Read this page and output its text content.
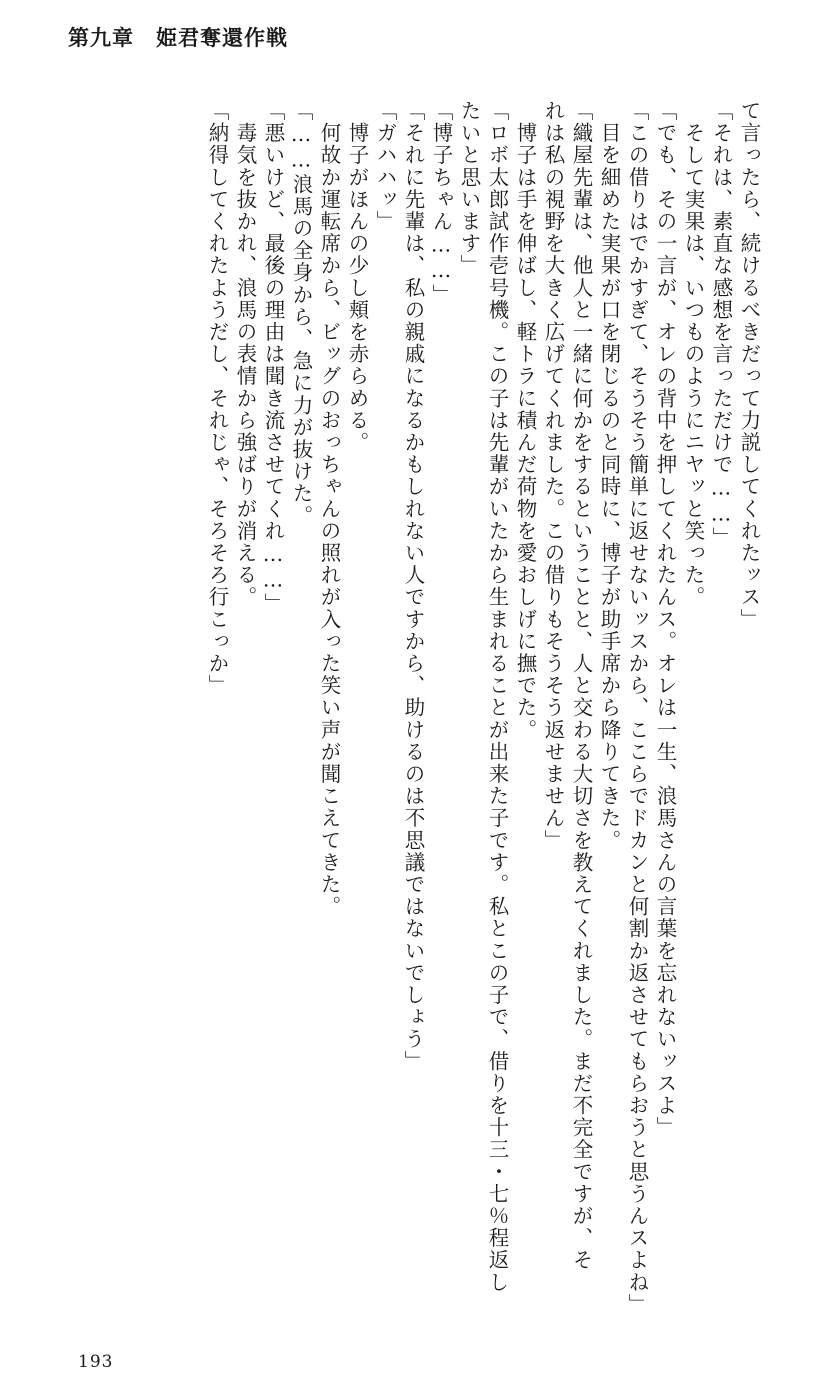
第九章 姫君奪還作戦
て言ったら、続けるべきだって力説してくれたッス」
「それは、素直な感想を言っただけで……」
　そして実果は、いつものようにニヤッと笑った。
「でも、その一言が、オレの背中を押してくれたんス。オレは一生、浪馬さんの言葉を忘れないッスよ」
「この借りはでかすぎて、そうそう簡単に返せないッスから、ここらでドカンと何割か返させてもらおうと思うんスよね」
　目を細めた実果が口を閉じるのと同時に、博子が助手席から降りてきた。
「織屋先輩は、他人と一緒に何かをするということと、人と交わる大切さを教えてくれました。まだ不完全ですが、そ
れは私の視野を大きく広げてくれました。この借りもそうそう返せません」
　博子は手を伸ばし、軽トラに積んだ荷物を愛おしげに撫でた。
「ロボ太郎試作壱号機。この子は先輩がいたから生まれることが出来た子です。私とこの子で、借りを十三・七％程返し
たいと思います」
「博子ちゃん……」
「それに先輩は、私の親戚になるかもしれない人ですから、助けるのは不思議ではないでしょう」
「ガハハッ」
　博子がほんの少し頬を赤らめる。
　何故か運転席から、ビッグのおっちゃんの照れが入った笑い声が聞こえてきた。
「……浪馬の全身から、急に力が抜けた。
「悪いけど、最後の理由は聞き流させてくれ……」
　毒気を抜かれ、浪馬の表情から強ばりが消える。
「納得してくれたようだし、それじゃ、そろそろ行こっか」
193
